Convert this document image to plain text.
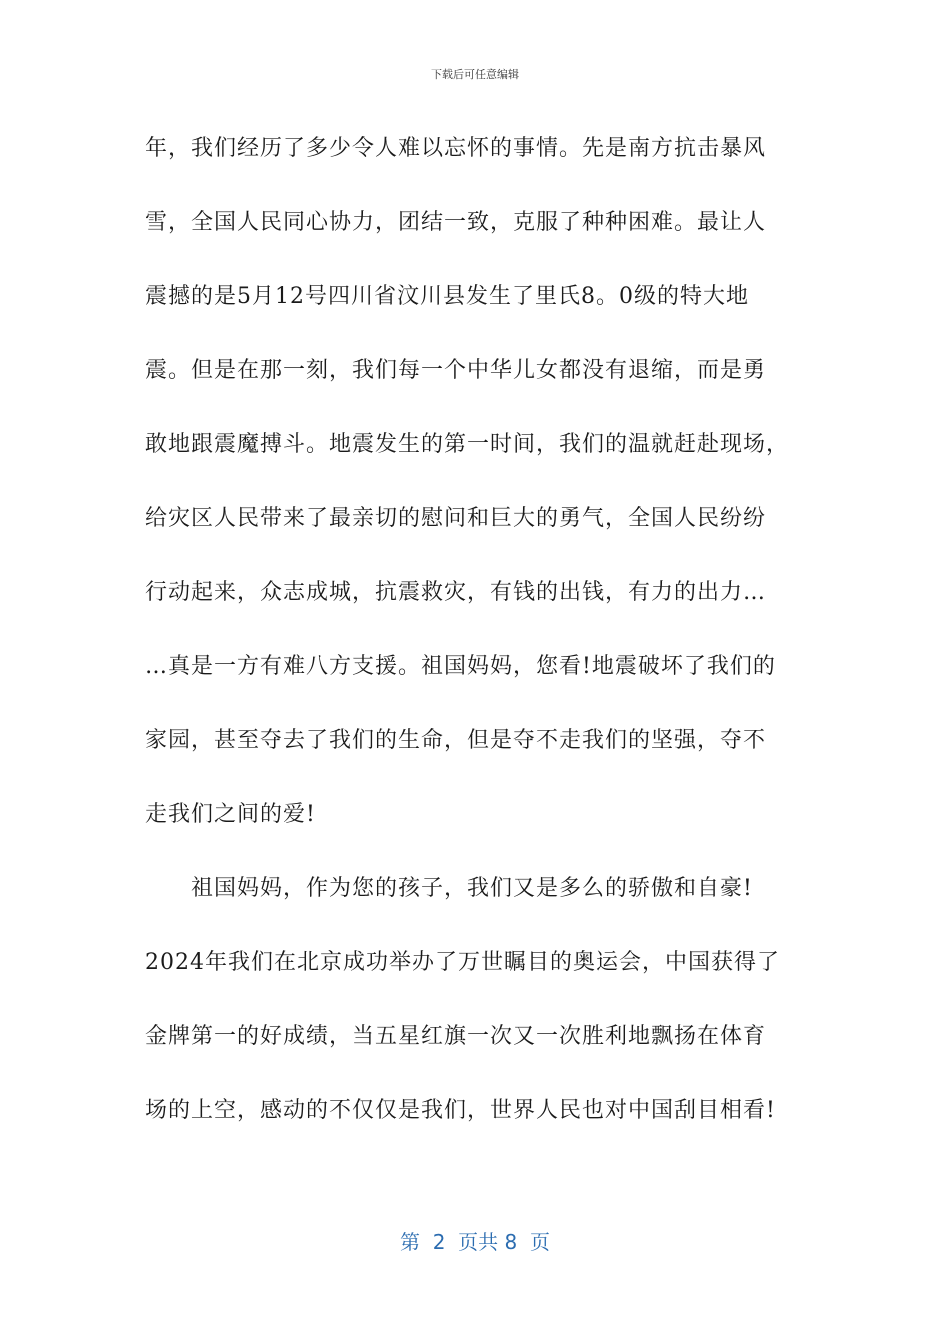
下载后可任意编辑
年，我们经历了多少令人难以忘怀的事情。先是南方抗击暴风
雪，全国人民同心协力，团结一致，克服了种种困难。最让人
震撼的是5月12号四川省汶川县发生了里氏8。0级的特大地
震。但是在那一刻，我们每一个中华儿女都没有退缩，而是勇
敢地跟震魔搏斗。地震发生的第一时间，我们的温就赶赴现场，
给灾区人民带来了最亲切的慰问和巨大的勇气，全国人民纷纷
行动起来，众志成城，抗震救灾，有钱的出钱，有力的出力…
…真是一方有难八方支援。祖国妈妈，您看!地震破坏了我们的
家园，甚至夺去了我们的生命，但是夺不走我们的坚强，夺不
走我们之间的爱!
祖国妈妈，作为您的孩子，我们又是多么的骄傲和自豪!
2024年我们在北京成功举办了万世瞩目的奥运会，中国获得了
金牌第一的好成绩，当五星红旗一次又一次胜利地飘扬在体育
场的上空，感动的不仅仅是我们，世界人民也对中国刮目相看!
第  2  页共 8  页
